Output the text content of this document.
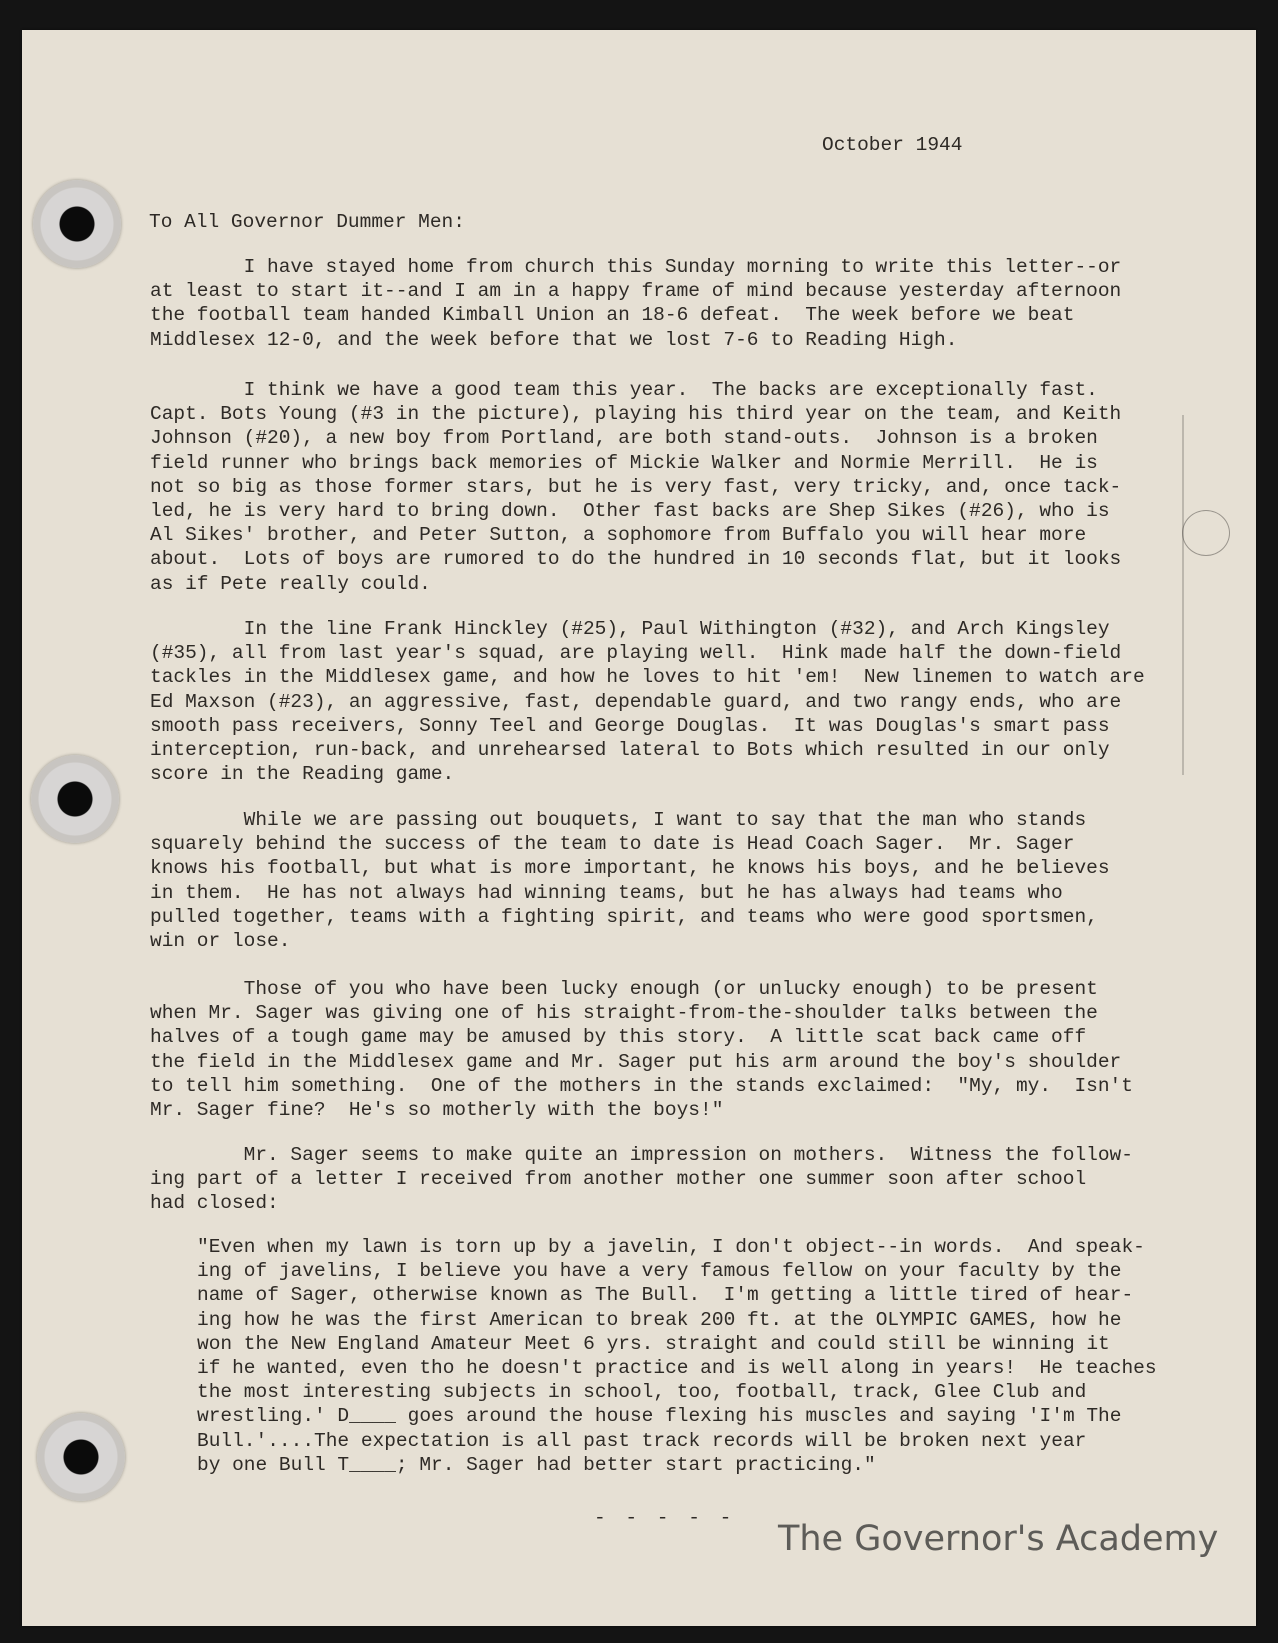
October 1944
To All Governor Dummer Men:

I have stayed home from church this Sunday morning to write this letter--or
at least to start it--and I am in a happy frame of mind because yesterday afternoon
the football team handed Kimball Union an 18-6 defeat.  The week before we beat
Middlesex 12-0, and the week before that we lost 7-6 to Reading High.

I think we have a good team this year.  The backs are exceptionally fast.
Capt. Bots Young (#3 in the picture), playing his third year on the team, and Keith
Johnson (#20), a new boy from Portland, are both stand-outs.  Johnson is a broken
field runner who brings back memories of Mickie Walker and Normie Merrill.  He is
not so big as those former stars, but he is very fast, very tricky, and, once tack-
led, he is very hard to bring down.  Other fast backs are Shep Sikes (#26), who is
Al Sikes' brother, and Peter Sutton, a sophomore from Buffalo you will hear more
about.  Lots of boys are rumored to do the hundred in 10 seconds flat, but it looks
as if Pete really could.

In the line Frank Hinckley (#25), Paul Withington (#32), and Arch Kingsley
(#35), all from last year's squad, are playing well.  Hink made half the down-field
tackles in the Middlesex game, and how he loves to hit 'em!  New linemen to watch are
Ed Maxson (#23), an aggressive, fast, dependable guard, and two rangy ends, who are
smooth pass receivers, Sonny Teel and George Douglas.  It was Douglas's smart pass
interception, run-back, and unrehearsed lateral to Bots which resulted in our only
score in the Reading game.

While we are passing out bouquets, I want to say that the man who stands
squarely behind the success of the team to date is Head Coach Sager.  Mr. Sager
knows his football, but what is more important, he knows his boys, and he believes
in them.  He has not always had winning teams, but he has always had teams who
pulled together, teams with a fighting spirit, and teams who were good sportsmen,
win or lose.

Those of you who have been lucky enough (or unlucky enough) to be present
when Mr. Sager was giving one of his straight-from-the-shoulder talks between the
halves of a tough game may be amused by this story.  A little scat back came off
the field in the Middlesex game and Mr. Sager put his arm around the boy's shoulder
to tell him something.  One of the mothers in the stands exclaimed:  "My, my.  Isn't
Mr. Sager fine?  He's so motherly with the boys!"

Mr. Sager seems to make quite an impression on mothers.  Witness the follow-
ing part of a letter I received from another mother one summer soon after school
had closed:

"Even when my lawn is torn up by a javelin, I don't object--in words.  And speak-
ing of javelins, I believe you have a very famous fellow on your faculty by the
name of Sager, otherwise known as The Bull.  I'm getting a little tired of hear-
ing how he was the first American to break 200 ft. at the OLYMPIC GAMES, how he
won the New England Amateur Meet 6 yrs. straight and could still be winning it
if he wanted, even tho he doesn't practice and is well along in years!  He teaches
the most interesting subjects in school, too, football, track, Glee Club and
wrestling.' D____ goes around the house flexing his muscles and saying 'I'm The
Bull.'....The expectation is all past track records will be broken next year
by one Bull T____; Mr. Sager had better start practicing."

- - - - -
The Governor's Academy
